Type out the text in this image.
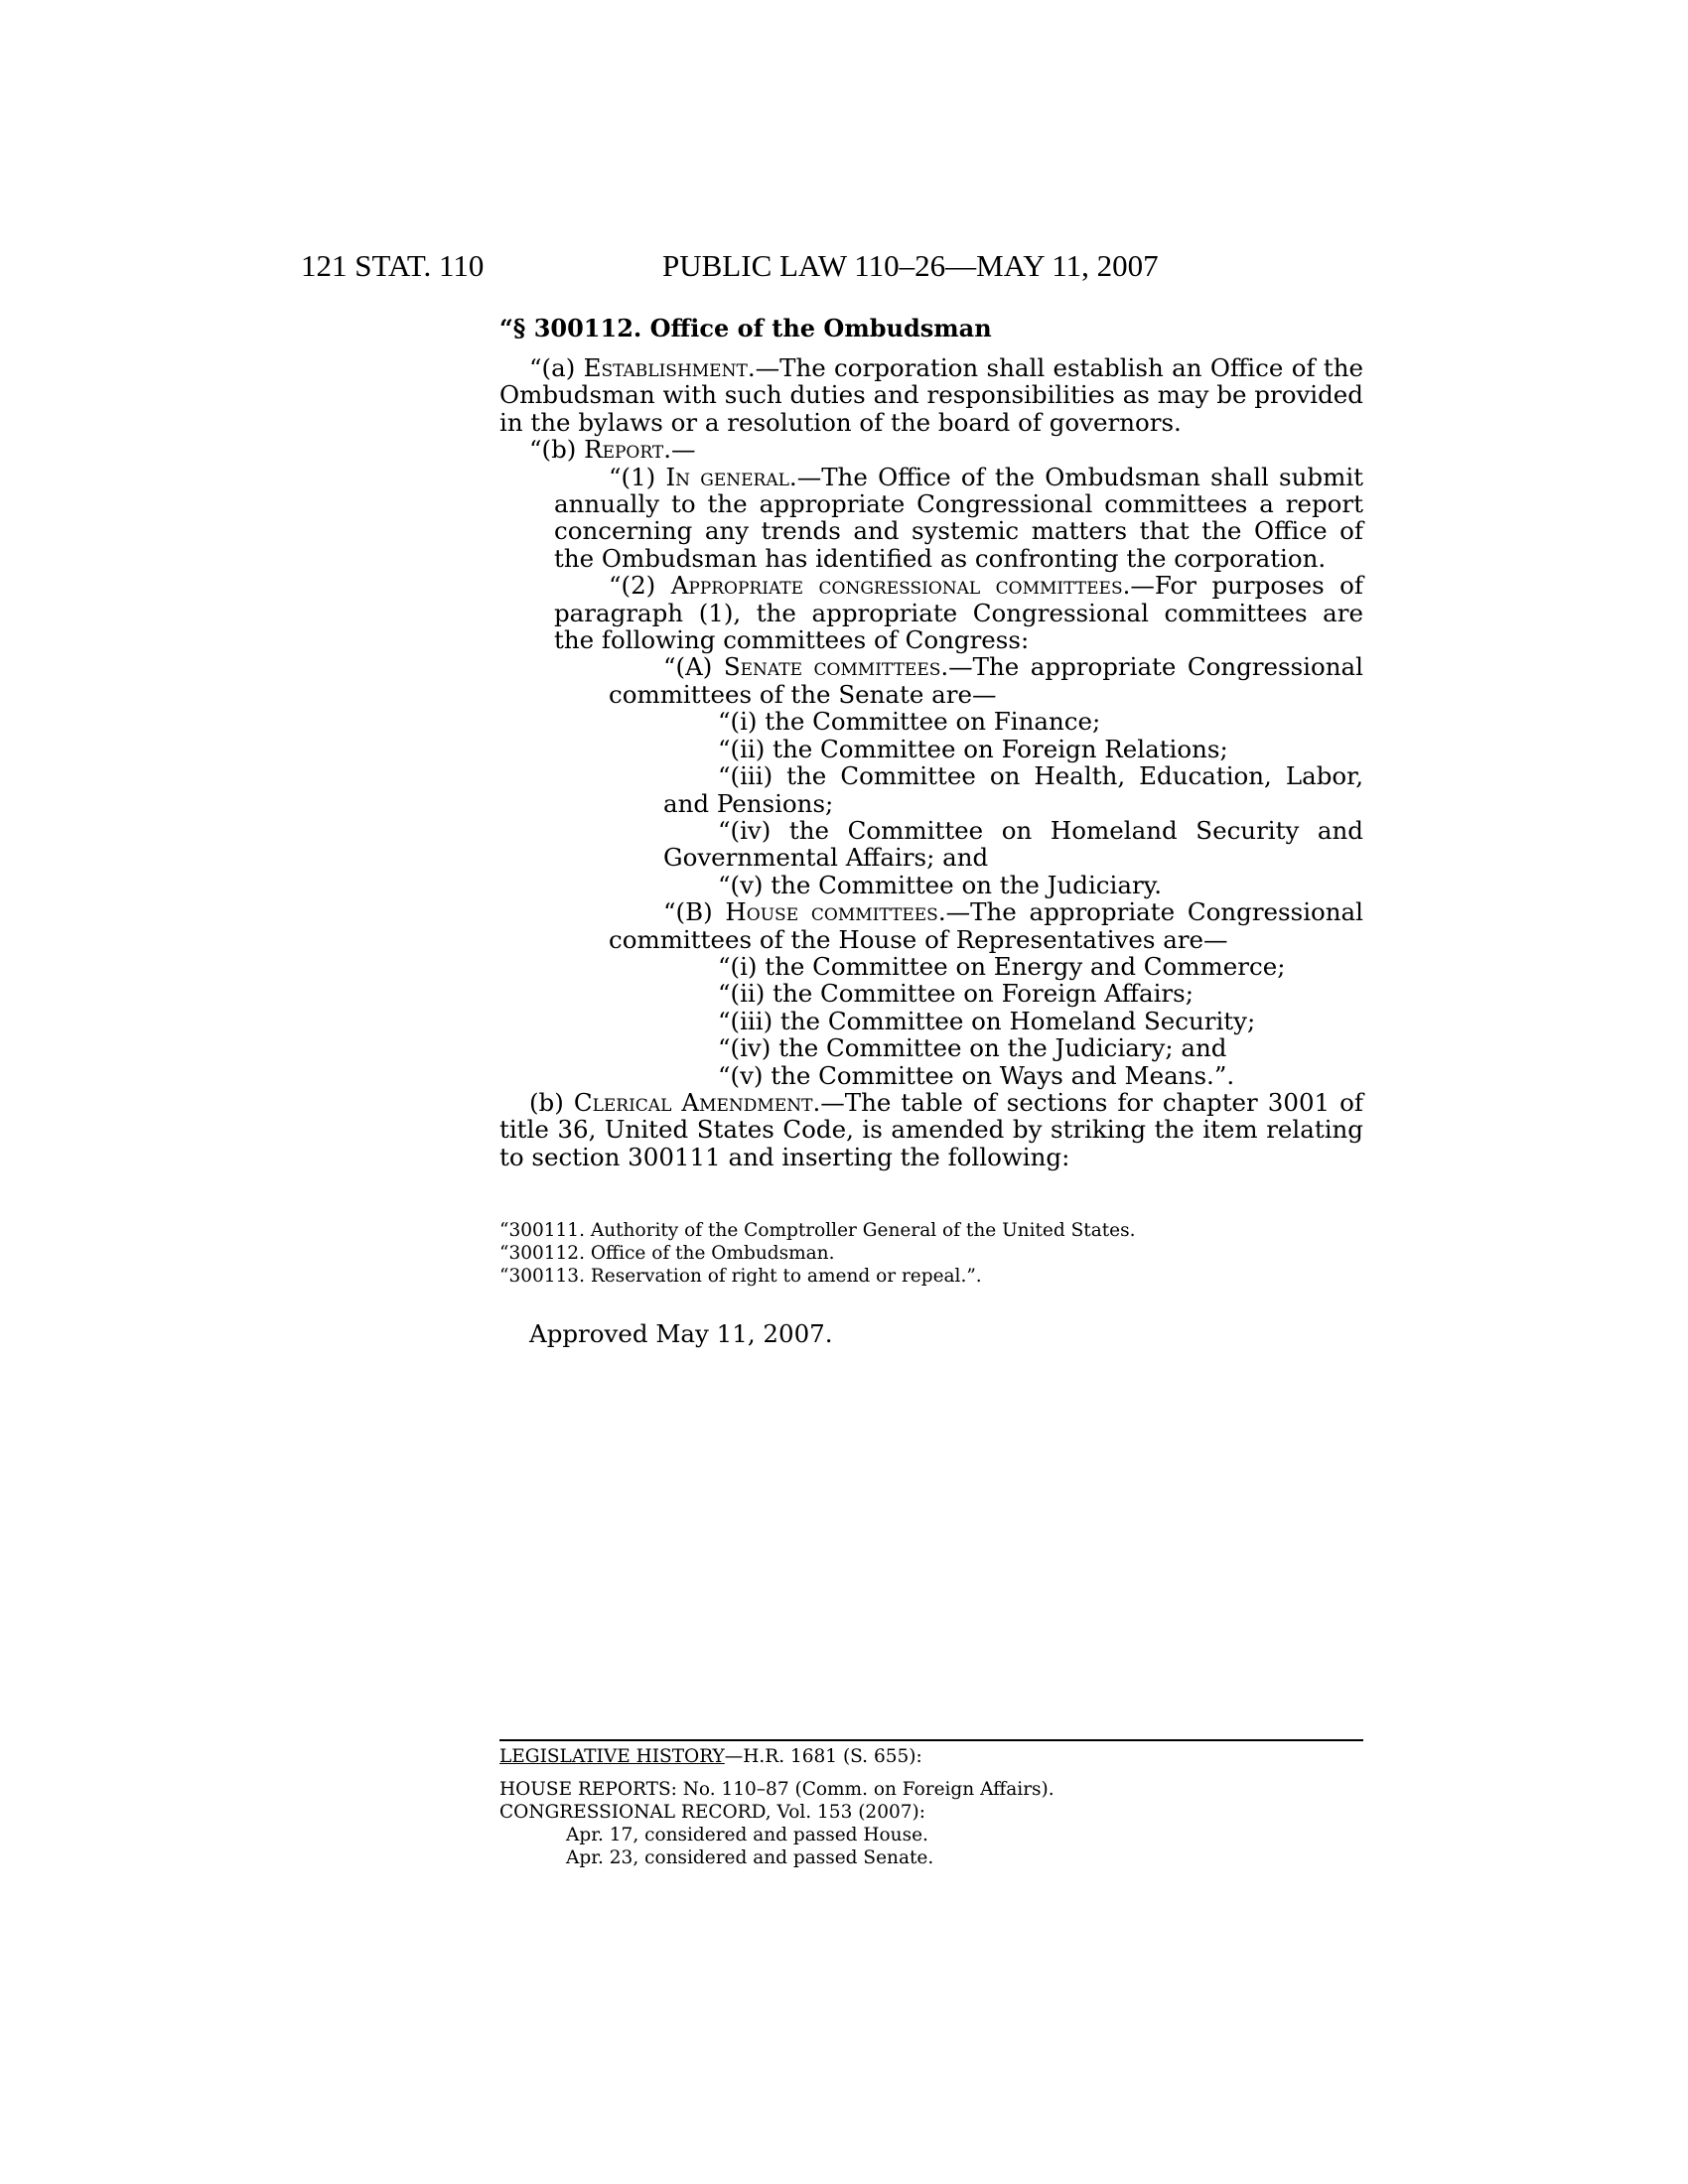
121 STAT. 110	PUBLIC LAW 110–26—MAY 11, 2007
“§ 300112. Office of the Ombudsman

“(a) Establishment.—The corporation shall establish an Office of the Ombudsman with such duties and responsibilities as may be provided in the bylaws or a resolution of the board of governors.

“(b) Report.—

“(1) In general.—The Office of the Ombudsman shall submit annually to the appropriate Congressional committees a report concerning any trends and systemic matters that the Office of the Ombudsman has identified as confronting the corporation.

“(2) Appropriate congressional committees.—For purposes of paragraph (1), the appropriate Congressional committees are the following committees of Congress:

“(A) Senate committees.—The appropriate Congressional committees of the Senate are—

“(i) the Committee on Finance;

“(ii) the Committee on Foreign Relations;

“(iii) the Committee on Health, Education, Labor, and Pensions;

“(iv) the Committee on Homeland Security and Governmental Affairs; and

“(v) the Committee on the Judiciary.

“(B) House committees.—The appropriate Congressional committees of the House of Representatives are—

“(i) the Committee on Energy and Commerce;

“(ii) the Committee on Foreign Affairs;

“(iii) the Committee on Homeland Security;

“(iv) the Committee on the Judiciary; and

“(v) the Committee on Ways and Means.”.

(b) Clerical Amendment.—The table of sections for chapter 3001 of title 36, United States Code, is amended by striking the item relating to section 300111 and inserting the following:

“300111. Authority of the Comptroller General of the United States.
“300112. Office of the Ombudsman.
“300113. Reservation of right to amend or repeal.”.
Approved May 11, 2007.
LEGISLATIVE HISTORY—H.R. 1681 (S. 655):
HOUSE REPORTS: No. 110–87 (Comm. on Foreign Affairs).
CONGRESSIONAL RECORD, Vol. 153 (2007):
Apr. 17, considered and passed House.
Apr. 23, considered and passed Senate.
